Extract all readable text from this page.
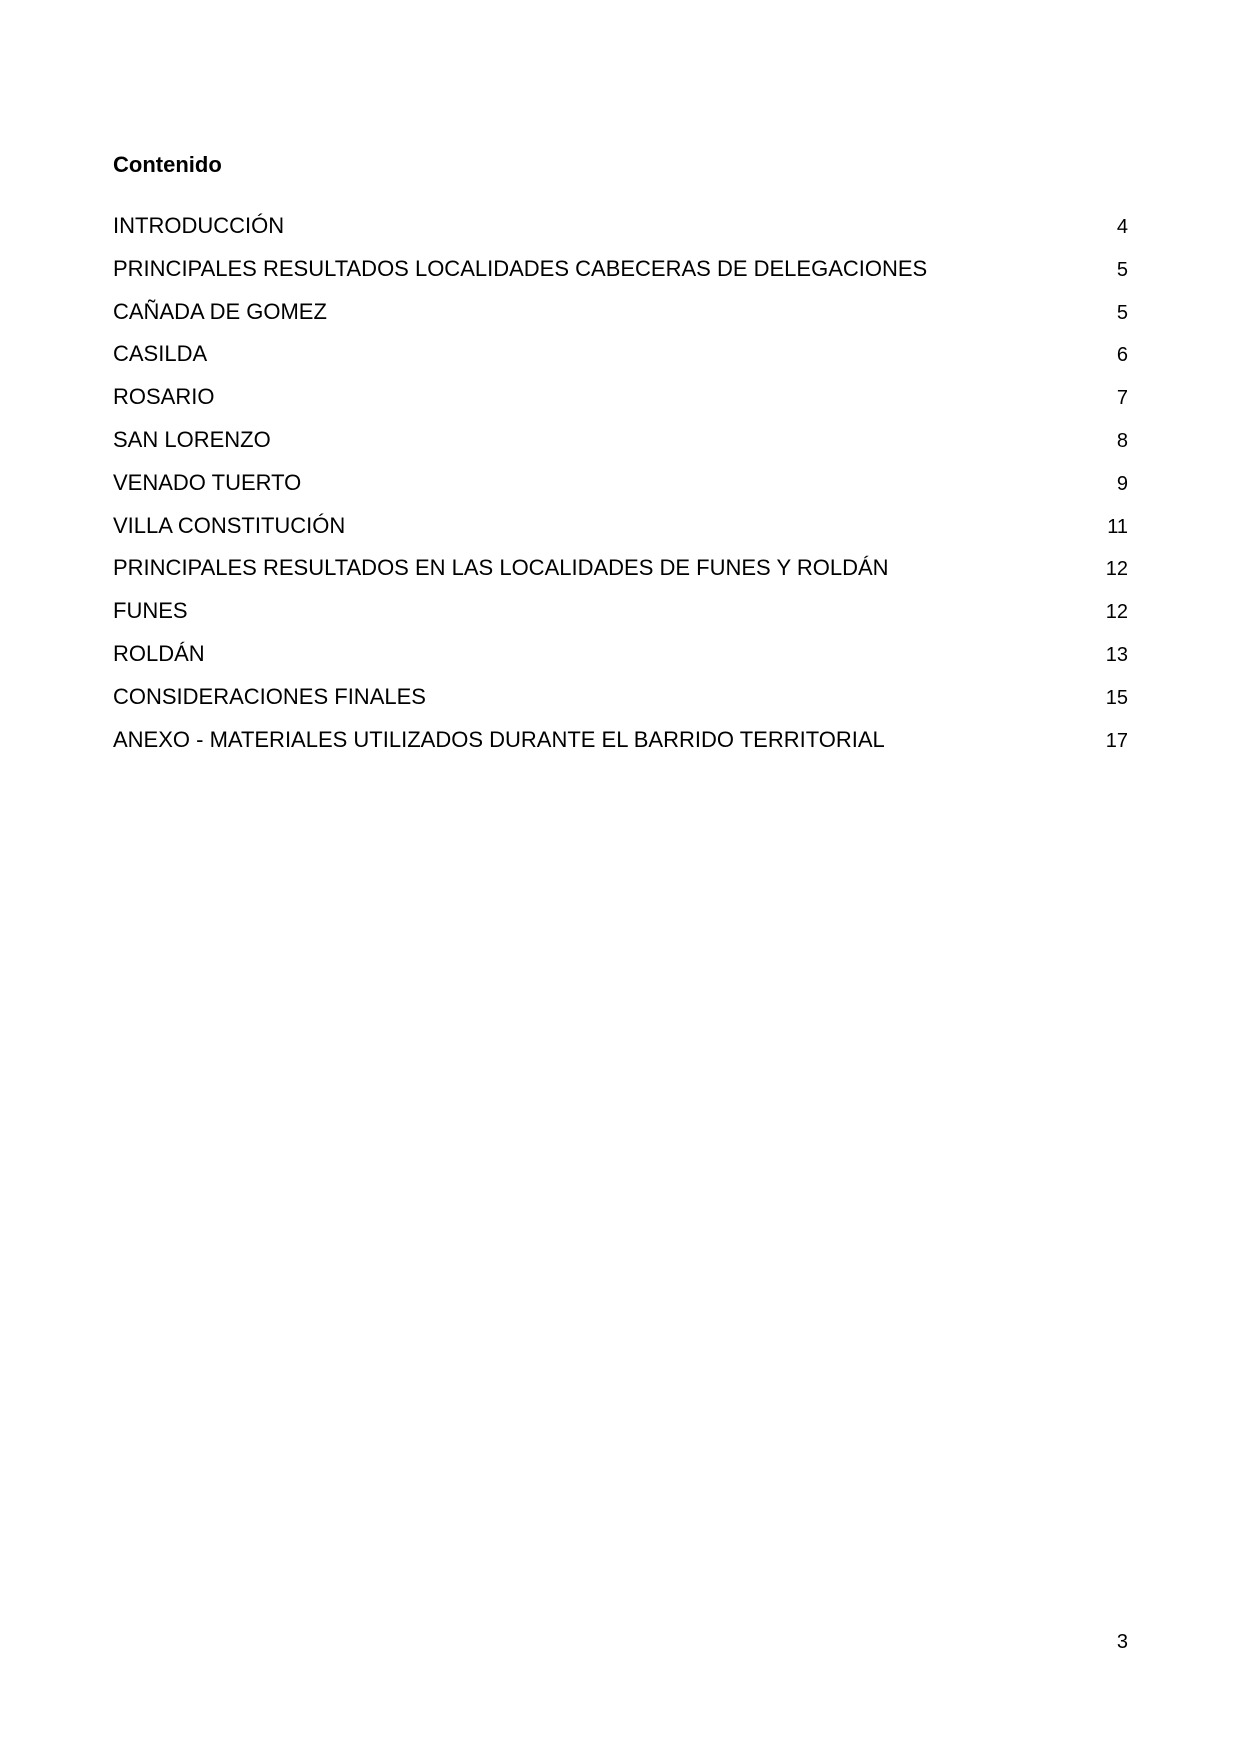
Contenido
INTRODUCCIÓN	4
PRINCIPALES RESULTADOS LOCALIDADES CABECERAS DE DELEGACIONES	5
CAÑADA DE GOMEZ	5
CASILDA	6
ROSARIO	7
SAN LORENZO	8
VENADO TUERTO	9
VILLA CONSTITUCIÓN	11
PRINCIPALES RESULTADOS EN LAS LOCALIDADES DE FUNES Y ROLDÁN	12
FUNES	12
ROLDÁN	13
CONSIDERACIONES FINALES	15
ANEXO - MATERIALES UTILIZADOS DURANTE EL BARRIDO TERRITORIAL	17
3
